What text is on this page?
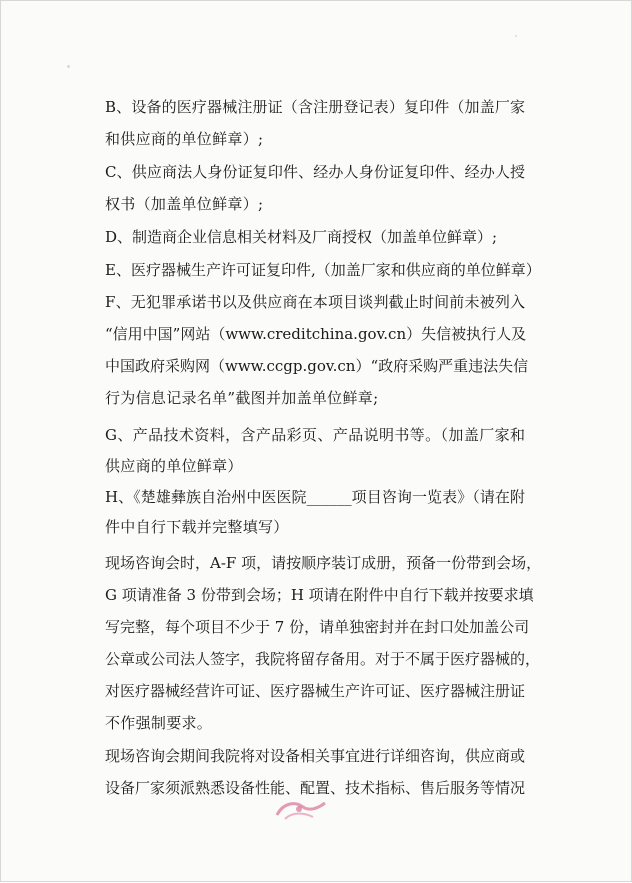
B、设备的医疗器械注册证（含注册登记表）复印件（加盖厂家
和供应商的单位鲜章）;
C、供应商法人身份证复印件、经办人身份证复印件、经办人授
权书（加盖单位鲜章）;
D、制造商企业信息相关材料及厂商授权（加盖单位鲜章）;
E、医疗器械生产许可证复印件,（加盖厂家和供应商的单位鲜章）
F、无犯罪承诺书以及供应商在本项目谈判截止时间前未被列入
“信用中国”网站（www.creditchina.gov.cn）失信被执行人及
中国政府采购网（www.ccgp.gov.cn）“政府采购严重违法失信
行为信息记录名单”截图并加盖单位鲜章;
G、产品技术资料，含产品彩页、产品说明书等。（加盖厂家和
供应商的单位鲜章）
H、《楚雄彝族自治州中医医院______项目咨询一览表》（请在附
件中自行下载并完整填写）
现场咨询会时，A-F 项，请按顺序装订成册，预备一份带到会场，
G 项请准备 3 份带到会场；H 项请在附件中自行下载并按要求填
写完整，每个项目不少于 7 份，请单独密封并在封口处加盖公司
公章或公司法人签字，我院将留存备用。对于不属于医疗器械的，
对医疗器械经营许可证、医疗器械生产许可证、医疗器械注册证
不作强制要求。
现场咨询会期间我院将对设备相关事宜进行详细咨询，供应商或
设备厂家须派熟悉设备性能、配置、技术指标、售后服务等情况
